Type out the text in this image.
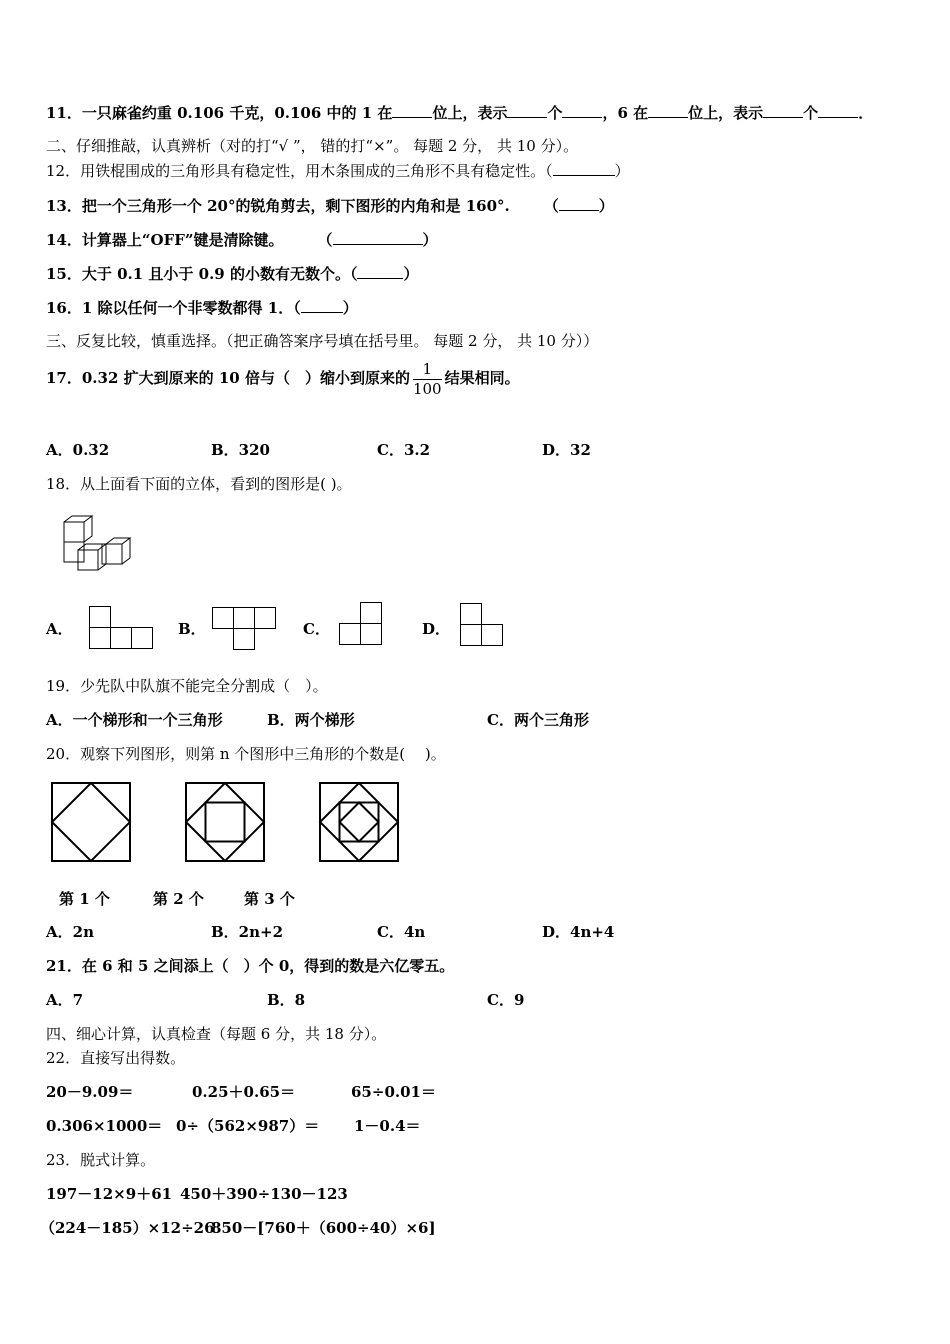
11．一只麻雀约重 0.106 千克，0.106 中的 1 在	位上，表示	个	，6 在	位上，表示	个	．
二、仔细推敲，认真辨析（对的打“√ ”， 错的打“×”。 每题 2 分， 共 10 分）。
12．用铁棍围成的三角形具有稳定性，用木条围成的三角形不具有稳定性。（	）
13．把一个三角形一个 20°的锐角剪去，剩下图形的内角和是 160°. （	）
14．计算器上“OFF”键是清除键。 （	）
15．大于 0.1 且小于 0.9 的小数有无数个。（	）
16．1 除以任何一个非零数都得 1．（	）
三、反复比较，慎重选择。（把正确答案序号填在括号里。 每题 2 分， 共 10 分））
17．0.32 扩大到原来的 10 倍与（　）缩小到原来的 $\frac{1}{100}$ 结果相同。
A．0.32	B．320	C．3.2	D．32
18．从上面看下面的立体，看到的图形是( )。
A．	B．	C．	D．
19．少先队中队旗不能完全分割成（　）。
A．一个梯形和一个三角形	B．两个梯形	C．两个三角形
20．观察下列图形，则第 n 个图形中三角形的个数是(　 )。
第 1 个	第 2 个	第 3 个
A．2n	B．2n+2	C．4n	D．4n+4
21．在 6 和 5 之间添上（　）个 0，得到的数是六亿零五。
A．7	B．8	C．9
四、细心计算，认真检查（每题 6 分，共 18 分）。
22．直接写出得数。
20－9.09＝	0.25＋0.65＝	65÷0.01＝
0.306×1000＝ 0÷（562×987）＝ 1－0.4＝
23．脱式计算。
197－12×9＋61 450＋390÷130－123
（224－185）×12÷26
850－[760＋（600÷40）×6]
